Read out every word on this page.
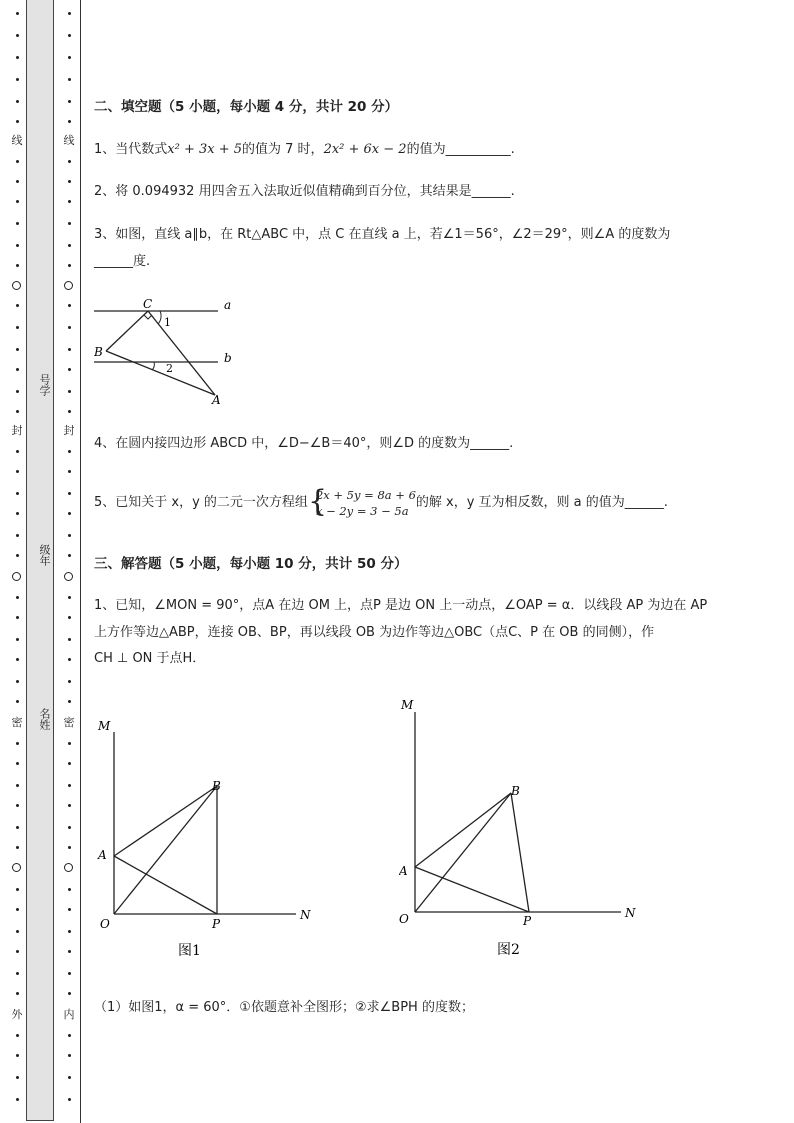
线
封
密
外
号学
级年
名姓
线
封
密
内
二、填空题（5 小题，每小题 4 分，共计 20 分）
1、当代数式x² + 3x + 5的值为 7 时，2x² + 6x − 2的值为__________.
2、将 0.094932 用四舍五入法取近似值精确到百分位，其结果是______.
3、如图，直线 a∥b，在 Rt△ABC 中，点 C 在直线 a 上，若∠1＝56°，∠2＝29°，则∠A 的度数为
______度.
C	a
1
B	b
2
A
4、在圆内接四边形 ABCD 中，∠D−∠B＝40°，则∠D 的度数为______.
5、已知关于 x，y 的二元一次方程组 {
2x + 5y = 8a + 6
x − 2y = 3 − 5a
的解 x，y 互为相反数，则 a 的值为______.
三、解答题（5 小题，每小题 10 分，共计 50 分）
1、已知，∠MON = 90°，点A 在边 OM 上，点P 是边 ON 上一动点，∠OAP = α．以线段 AP 为边在 AP
上方作等边△ABP，连接 OB、BP，再以线段 OB 为边作等边△OBC（点C、P 在 OB 的同侧），作
CH ⊥ ON 于点H．
M
B
A
O	P
N
图1
M
B
A
O	P
N
图2
（1）如图1，α = 60°．①依题意补全图形；②求∠BPH 的度数；
